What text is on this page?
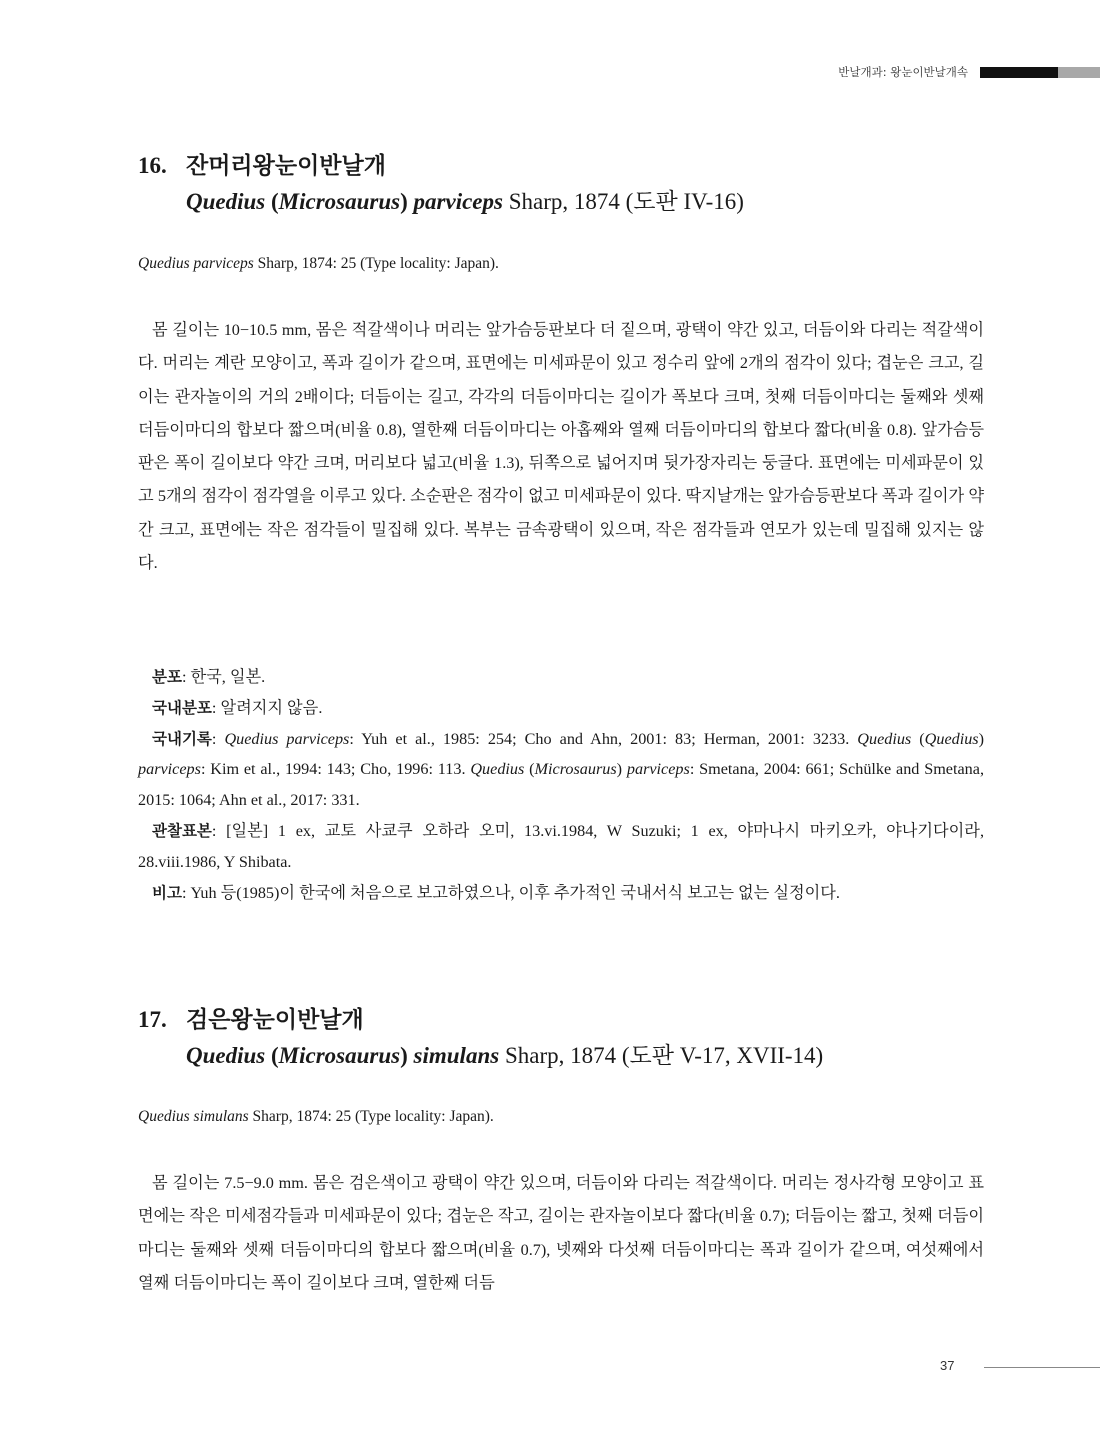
반날개과: 왕눈이반날개속
16. 잔머리왕눈이반날개

Quedius (Microsaurus) parviceps Sharp, 1874 (도판 IV-16)

Quedius parviceps Sharp, 1874: 25 (Type locality: Japan).

몸 길이는 10−10.5 mm, 몸은 적갈색이나 머리는 앞가슴등판보다 더 짙으며, 광택이 약간 있고, 더듬이와 다리는 적갈색이다. 머리는 계란 모양이고, 폭과 길이가 같으며, 표면에는 미세파문이 있고 정수리 앞에 2개의 점각이 있다; 겹눈은 크고, 길이는 관자놀이의 거의 2배이다; 더듬이는 길고, 각각의 더듬이마디는 길이가 폭보다 크며, 첫째 더듬이마디는 둘째와 셋째 더듬이마디의 합보다 짧으며(비율 0.8), 열한째 더듬이마디는 아홉째와 열째 더듬이마디의 합보다 짧다(비율 0.8). 앞가슴등판은 폭이 길이보다 약간 크며, 머리보다 넓고(비율 1.3), 뒤쪽으로 넓어지며 뒷가장자리는 둥글다. 표면에는 미세파문이 있고 5개의 점각이 점각열을 이루고 있다. 소순판은 점각이 없고 미세파문이 있다. 딱지날개는 앞가슴등판보다 폭과 길이가 약간 크고, 표면에는 작은 점각들이 밀집해 있다. 복부는 금속광택이 있으며, 작은 점각들과 연모가 있는데 밀집해 있지는 않다.

분포: 한국, 일본.

국내분포: 알려지지 않음.

국내기록: Quedius parviceps: Yuh et al., 1985: 254; Cho and Ahn, 2001: 83; Herman, 2001: 3233. Quedius (Quedius) parviceps: Kim et al., 1994: 143; Cho, 1996: 113. Quedius (Microsaurus) parviceps: Smetana, 2004: 661; Schülke and Smetana, 2015: 1064; Ahn et al., 2017: 331.

관찰표본: [일본] 1 ex, 교토 사쿄쿠 오하라 오미, 13.vi.1984, W Suzuki; 1 ex, 야마나시 마키오카, 야나기다이라, 28.viii.1986, Y Shibata.

비고: Yuh 등(1985)이 한국에 처음으로 보고하였으나, 이후 추가적인 국내서식 보고는 없는 실정이다.

17. 검은왕눈이반날개

Quedius (Microsaurus) simulans Sharp, 1874 (도판 V-17, XVII-14)

Quedius simulans Sharp, 1874: 25 (Type locality: Japan).

몸 길이는 7.5−9.0 mm. 몸은 검은색이고 광택이 약간 있으며, 더듬이와 다리는 적갈색이다. 머리는 정사각형 모양이고 표면에는 작은 미세점각들과 미세파문이 있다; 겹눈은 작고, 길이는 관자놀이보다 짧다(비율 0.7); 더듬이는 짧고, 첫째 더듬이마디는 둘째와 셋째 더듬이마디의 합보다 짧으며(비율 0.7), 넷째와 다섯째 더듬이마디는 폭과 길이가 같으며, 여섯째에서 열째 더듬이마디는 폭이 길이보다 크며, 열한째 더듬

37
